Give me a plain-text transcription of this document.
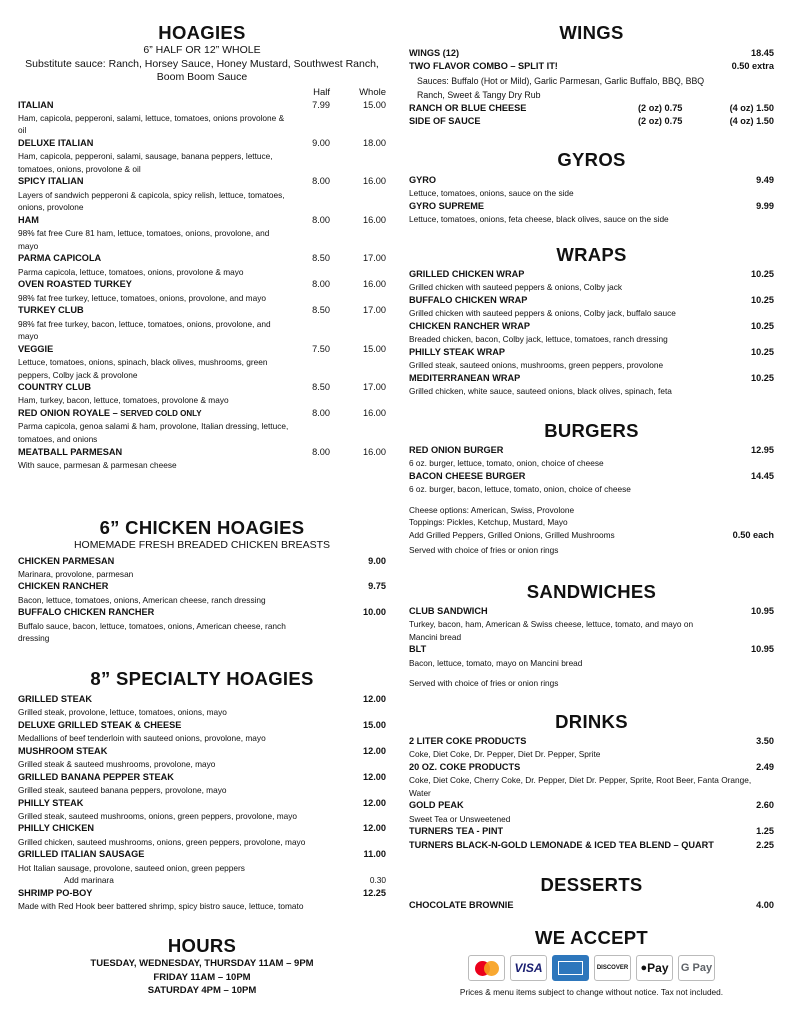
HOAGIES
6” HALF OR 12” WHOLE
Substitute sauce: Ranch, Horsey Sauce, Honey Mustard, Southwest Ranch, Boom Boom Sauce
Half	Whole
ITALIAN	7.99	15.00
Ham, capicola, pepperoni, salami, lettuce, tomatoes, onions provolone & oil
DELUXE ITALIAN	9.00	18.00
Ham, capicola, pepperoni, salami, sausage, banana peppers, lettuce, tomatoes, onions, provolone & oil
SPICY ITALIAN	8.00	16.00
Layers of sandwich pepperoni & capicola, spicy relish, lettuce, tomatoes, onions, provolone
HAM	8.00	16.00
98% fat free Cure 81 ham, lettuce, tomatoes, onions, provolone, and mayo
PARMA CAPICOLA	8.50	17.00
Parma capicola, lettuce, tomatoes, onions, provolone & mayo
OVEN ROASTED TURKEY	8.00	16.00
98% fat free turkey, lettuce, tomatoes, onions, provolone, and mayo
TURKEY CLUB	8.50	17.00
98% fat free turkey, bacon, lettuce, tomatoes, onions, provolone, and mayo
VEGGIE	7.50	15.00
Lettuce, tomatoes, onions, spinach, black olives, mushrooms, green peppers, Colby jack & provolone
COUNTRY CLUB	8.50	17.00
Ham, turkey, bacon, lettuce, tomatoes, provolone & mayo
RED ONION ROYALE – SERVED COLD ONLY	8.00	16.00
Parma capicola, genoa salami & ham, provolone, Italian dressing, lettuce, tomatoes, and onions
MEATBALL PARMESAN	8.00	16.00
With sauce, parmesan & parmesan cheese
6” CHICKEN HOAGIES
HOMEMADE FRESH BREADED CHICKEN BREASTS
CHICKEN PARMESAN	9.00
Marinara, provolone, parmesan
CHICKEN RANCHER	9.75
Bacon, lettuce, tomatoes, onions, American cheese, ranch dressing
BUFFALO CHICKEN RANCHER	10.00
Buffalo sauce, bacon, lettuce, tomatoes, onions, American cheese, ranch dressing
8” SPECIALTY HOAGIES
GRILLED STEAK	12.00
Grilled steak, provolone, lettuce, tomatoes, onions, mayo
DELUXE GRILLED STEAK & CHEESE	15.00
Medallions of beef tenderloin with sauteed onions, provolone, mayo
MUSHROOM STEAK	12.00
Grilled steak & sauteed mushrooms, provolone, mayo
GRILLED BANANA PEPPER STEAK	12.00
Grilled steak, sauteed banana peppers, provolone, mayo
PHILLY STEAK	12.00
Grilled steak, sauteed mushrooms, onions, green peppers, provolone, mayo
PHILLY CHICKEN	12.00
Grilled chicken, sauteed mushrooms, onions, green peppers, provolone, mayo
GRILLED ITALIAN SAUSAGE	11.00
Hot Italian sausage, provolone, sauteed onion, green peppers
Add marinara	0.30
SHRIMP PO-BOY	12.25
Made with Red Hook beer battered shrimp, spicy bistro sauce, lettuce, tomato
HOURS
TUESDAY, WEDNESDAY, THURSDAY 11AM – 9PM
FRIDAY 11AM – 10PM
SATURDAY 4PM – 10PM
WINGS
WINGS (12)	18.45
TWO FLAVOR COMBO – SPLIT IT!	0.50 extra
Sauces: Buffalo (Hot or Mild), Garlic Parmesan, Garlic Buffalo, BBQ, BBQ Ranch, Sweet & Tangy Dry Rub
RANCH OR BLUE CHEESE	(2 oz) 0.75	(4 oz) 1.50
SIDE OF SAUCE	(2 oz) 0.75	(4 oz) 1.50
GYROS
GYRO	9.49
Lettuce, tomatoes, onions, sauce on the side
GYRO SUPREME	9.99
Lettuce, tomatoes, onions, feta cheese, black olives, sauce on the side
WRAPS
GRILLED CHICKEN WRAP	10.25
Grilled chicken with sauteed peppers & onions, Colby jack
BUFFALO CHICKEN WRAP	10.25
Grilled chicken with sauteed peppers & onions, Colby jack, buffalo sauce
CHICKEN RANCHER WRAP	10.25
Breaded chicken, bacon, Colby jack, lettuce, tomatoes, ranch dressing
PHILLY STEAK WRAP	10.25
Grilled steak, sauteed onions, mushrooms, green peppers, provolone
MEDITERRANEAN WRAP	10.25
Grilled chicken, white sauce, sauteed onions, black olives, spinach, feta
BURGERS
RED ONION BURGER	12.95
6 oz. burger, lettuce, tomato, onion, choice of cheese
BACON CHEESE BURGER	14.45
6 oz. burger, bacon, lettuce, tomato, onion, choice of cheese
Cheese options: American, Swiss, Provolone
Toppings: Pickles, Ketchup, Mustard, Mayo
Add Grilled Peppers, Grilled Onions, Grilled Mushrooms	0.50 each
Served with choice of fries or onion rings
SANDWICHES
CLUB SANDWICH	10.95
Turkey, bacon, ham, American & Swiss cheese, lettuce, tomato, and mayo on Mancini bread
BLT	10.95
Bacon, lettuce, tomato, mayo on Mancini bread
Served with choice of fries or onion rings
DRINKS
2 LITER COKE PRODUCTS	3.50
Coke, Diet Coke, Dr. Pepper, Diet Dr. Pepper, Sprite
20 OZ. COKE PRODUCTS	2.49
Coke, Diet Coke, Cherry Coke, Dr. Pepper, Diet Dr. Pepper, Sprite, Root Beer, Fanta Orange, Water
GOLD PEAK	2.60
Sweet Tea or Unsweetened
TURNERS TEA - PINT	1.25
TURNERS BLACK-N-GOLD LEMONADE & ICED TEA BLEND – QUART	2.25
DESSERTS
CHOCOLATE BROWNIE	4.00
WE ACCEPT
VISA	DISCOVER ● Pay G Pay
Prices & menu items subject to change without notice. Tax not included.
